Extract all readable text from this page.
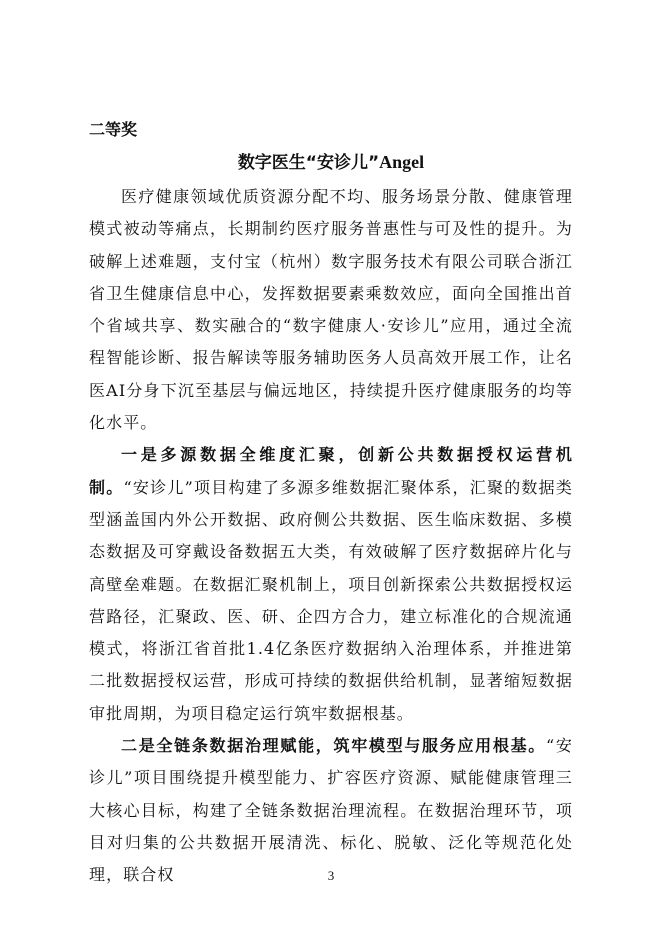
二等奖

数字医生“安诊儿”Angel

医疗健康领域优质资源分配不均、服务场景分散、健康管理模式被动等痛点，长期制约医疗服务普惠性与可及性的提升。为破解上述难题，支付宝（杭州）数字服务技术有限公司联合浙江省卫生健康信息中心，发挥数据要素乘数效应，面向全国推出首个省域共享、数实融合的“数字健康人·安诊儿”应用，通过全流程智能诊断、报告解读等服务辅助医务人员高效开展工作，让名医AI分身下沉至基层与偏远地区，持续提升医疗健康服务的均等化水平。

一是多源数据全维度汇聚，创新公共数据授权运营机制。“安诊儿”项目构建了多源多维数据汇聚体系，汇聚的数据类型涵盖国内外公开数据、政府侧公共数据、医生临床数据、多模态数据及可穿戴设备数据五大类，有效破解了医疗数据碎片化与高壁垒难题。在数据汇聚机制上，项目创新探索公共数据授权运营路径，汇聚政、医、研、企四方合力，建立标准化的合规流通模式，将浙江省首批1.4亿条医疗数据纳入治理体系，并推进第二批数据授权运营，形成可持续的数据供给机制，显著缩短数据审批周期，为项目稳定运行筑牢数据根基。

二是全链条数据治理赋能，筑牢模型与服务应用根基。“安诊儿”项目围绕提升模型能力、扩容医疗资源、赋能健康管理三大核心目标，构建了全链条数据治理流程。在数据治理环节，项目对归集的公共数据开展清洗、标化、脱敏、泛化等规范化处理，联合权	3
